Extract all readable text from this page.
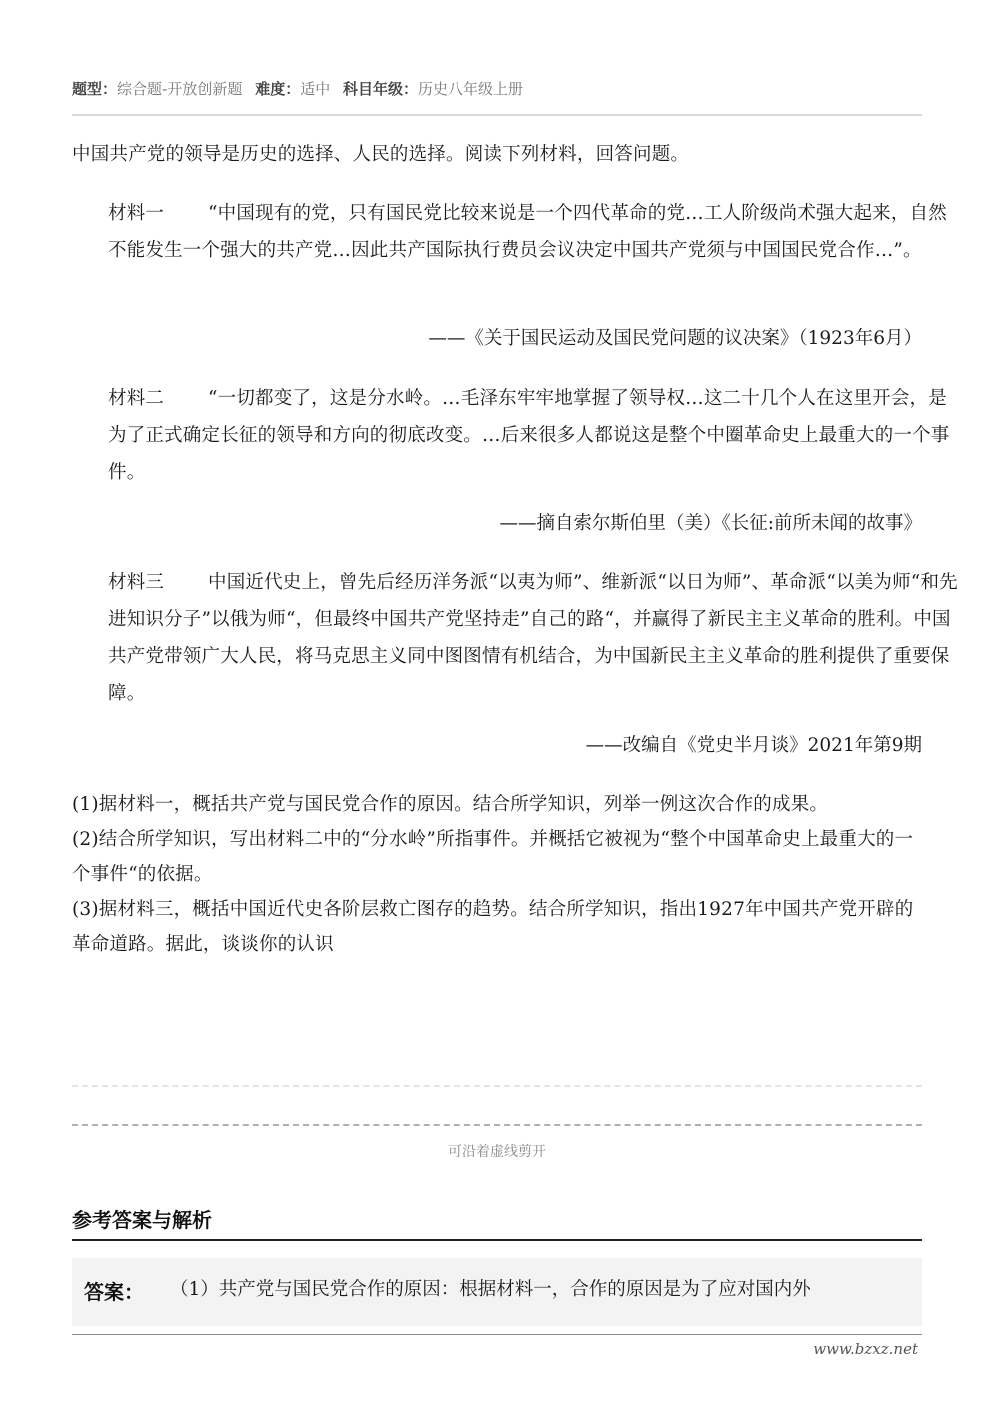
题型：综合题-开放创新题 难度：适中 科目年级：历史八年级上册
中国共产党的领导是历史的选择、人民的选择。阅读下列材料，回答问题。
材料一 “中国现有的党，只有国民党比较来说是一个四代革命的党…工人阶级尚术强大起来，自然不能发生一个强大的共产党…因此共产国际执行费员会议决定中国共产党须与中国国民党合作…”。
——《关于国民运动及国民党问题的议决案》（1923年6月）
材料二 “一切都变了，这是分水岭。…毛泽东牢牢地掌握了领导权…这二十几个人在这里开会，是为了正式确定长征的领导和方向的彻底改变。…后来很多人都说这是整个中圈革命史上最重大的一个事件。
——摘自索尔斯伯里（美）《长征:前所未闻的故事》
材料三 中国近代史上，曾先后经历洋务派“以夷为师”、维新派“以日为师”、革命派“以美为师“和先进知识分子”以俄为师“，但最终中国共产党坚持走”自己的路“，并赢得了新民主主义革命的胜利。中国共产党带领广大人民，将马克思主义同中图图情有机结合，为中国新民主主义革命的胜利提供了重要保障。
——改编自《党史半月谈》2021年第9期
(1)据材料一，概括共产党与国民党合作的原因。结合所学知识，列举一例这次合作的成果。
(2)结合所学知识，写出材料二中的“分水岭”所指事件。并概括它被视为“整个中国革命史上最重大的一个事件“的依据。
(3)据材料三，概括中国近代史各阶层救亡图存的趋势。结合所学知识，指出1927年中国共产党开辟的革命道路。据此，谈谈你的认识
可沿着虚线剪开
参考答案与解析
答案： （1）共产党与国民党合作的原因：根据材料一，合作的原因是为了应对国内外
www.bzxz.net
